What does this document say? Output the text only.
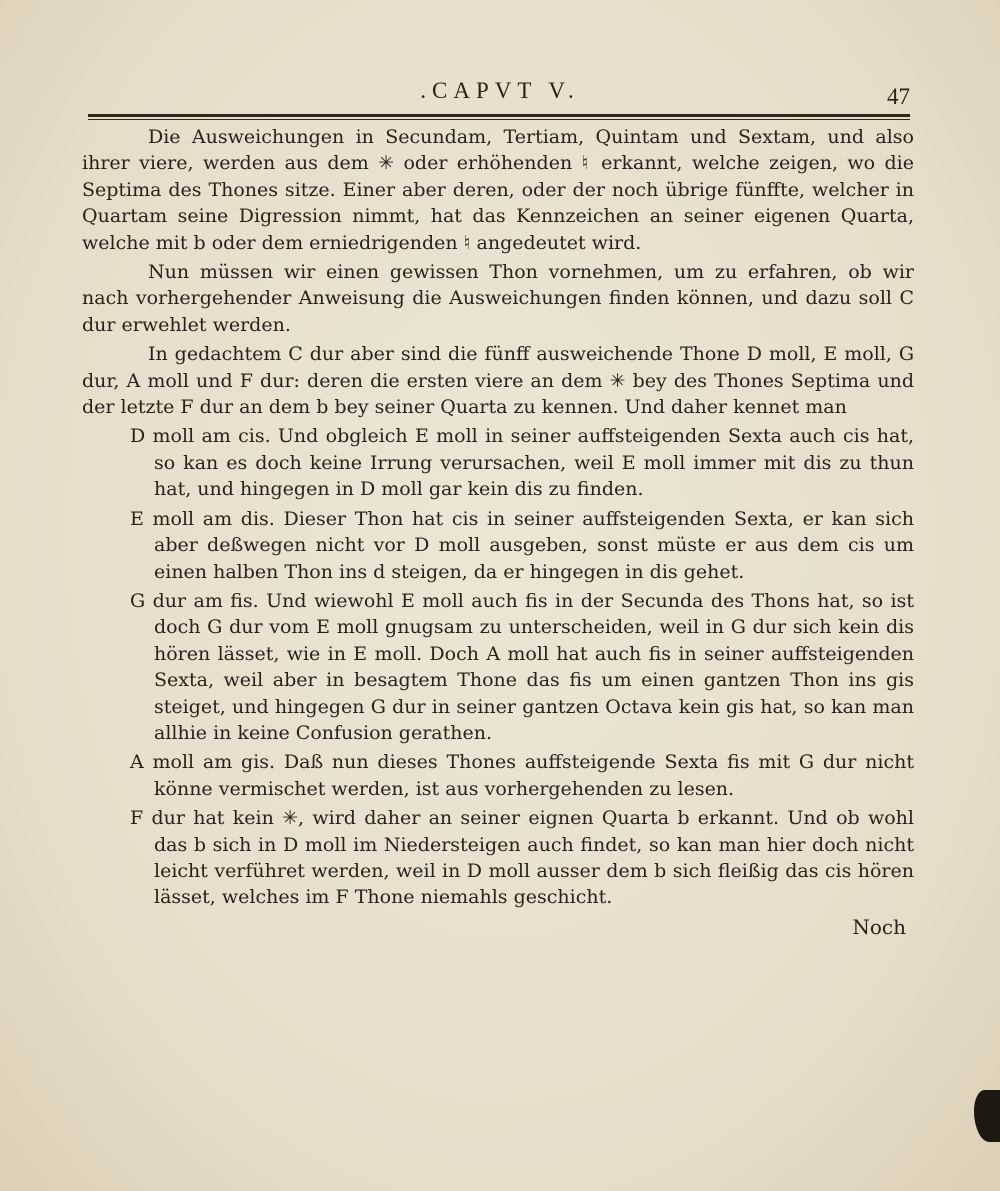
.CAPVT V.	47

Die Ausweichungen in Secundam, Tertiam, Quintam und Sextam, und also ihrer viere, werden aus dem ✳ oder erhöhenden ♮ erkannt, welche zeigen, wo die Septima des Thones sitze. Einer aber deren, oder der noch übrige fünffte, welcher in Quartam seine Digression nimmt, hat das Kennzeichen an seiner eigenen Quarta, welche mit b oder dem erniedrigenden ♮ angedeutet wird.

Nun müssen wir einen gewissen Thon vornehmen, um zu erfahren, ob wir nach vorhergehender Anweisung die Ausweichungen finden können, und dazu soll C dur erwehlet werden.

In gedachtem C dur aber sind die fünff ausweichende Thone D moll, E moll, G dur, A moll und F dur: deren die ersten viere an dem ✳ bey des Thones Septima und der letzte F dur an dem b bey seiner Quarta zu kennen. Und daher kennet man

D moll am cis. Und obgleich E moll in seiner auffsteigenden Sexta auch cis hat, so kan es doch keine Irrung verursachen, weil E moll immer mit dis zu thun hat, und hingegen in D moll gar kein dis zu finden.

E moll am dis. Dieser Thon hat cis in seiner auffsteigenden Sexta, er kan sich aber deßwegen nicht vor D moll ausgeben, sonst müste er aus dem cis um einen halben Thon ins d steigen, da er hingegen in dis gehet.

G dur am fis. Und wiewohl E moll auch fis in der Secunda des Thons hat, so ist doch G dur vom E moll gnugsam zu unterscheiden, weil in G dur sich kein dis hören lässet, wie in E moll. Doch A moll hat auch fis in seiner auffsteigenden Sexta, weil aber in besagtem Thone das fis um einen gantzen Thon ins gis steiget, und hingegen G dur in seiner gantzen Octava kein gis hat, so kan man allhie in keine Confusion gerathen.

A moll am gis. Daß nun dieses Thones auffsteigende Sexta fis mit G dur nicht könne vermischet werden, ist aus vorhergehenden zu lesen.

F dur hat kein ✳, wird daher an seiner eignen Quarta b erkannt. Und ob wohl das b sich in D moll im Niedersteigen auch findet, so kan man hier doch nicht leicht verführet werden, weil in D moll ausser dem b sich fleißig das cis hören lässet, welches im F Thone niemahls geschicht.

Noch
